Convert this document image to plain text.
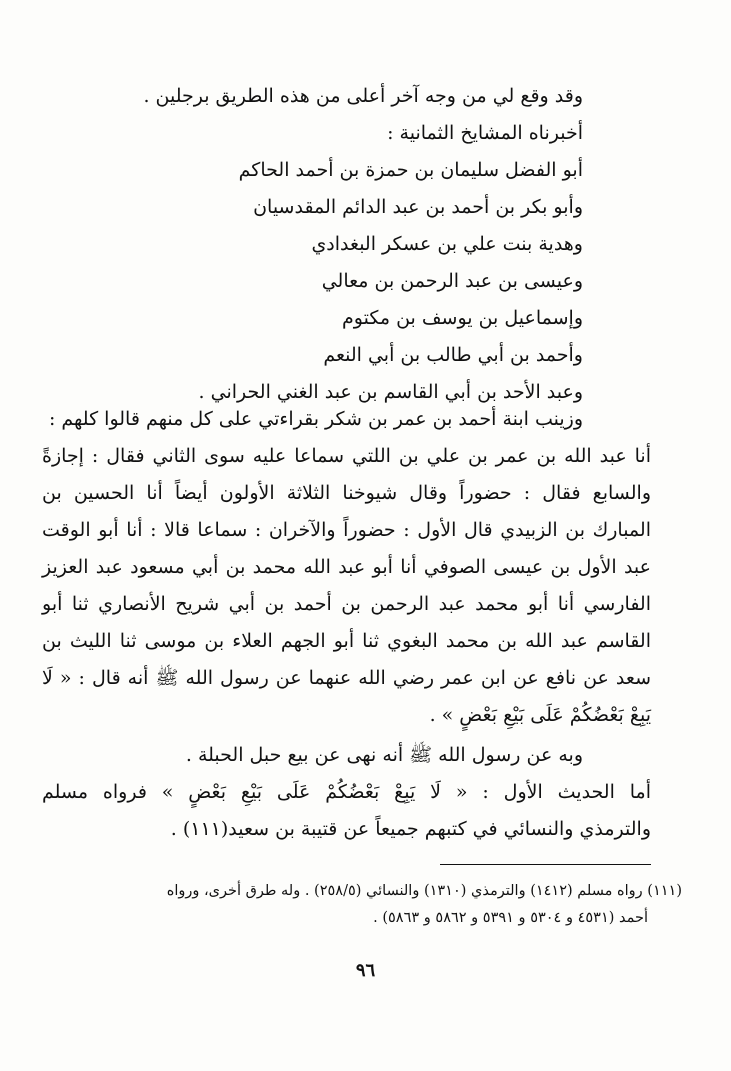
وقد وقع لي من وجه آخر أعلى من هذه الطريق برجلين .
أخبرناه المشايخ الثمانية :
أبو الفضل سليمان بن حمزة بن أحمد الحاكم
وأبو بكر بن أحمد بن عبد الدائم المقدسيان
وهدية بنت علي بن عسكر البغدادي
وعيسى بن عبد الرحمن بن معالي
وإسماعيل بن يوسف بن مكتوم
وأحمد بن أبي طالب بن أبي النعم
وعبد الأحد بن أبي القاسم بن عبد الغني الحراني .
وزينب ابنة أحمد بن عمر بن شكر بقراءتي على كل منهم قالوا كلهم :
أنا عبد الله بن عمر بن علي بن اللتي سماعا عليه سوى الثاني فقال : إجازةً
والسابع فقال : حضوراً وقال شيوخنا الثلاثة الأولون أيضاً أنا الحسين بن
المبارك بن الزبيدي قال الأول : حضوراً والآخران : سماعا قالا : أنا أبو الوقت
عبد الأول بن عيسى الصوفي أنا أبو عبد الله محمد بن أبي مسعود عبد العزيز
الفارسي أنا أبو محمد عبد الرحمن بن أحمد بن أبي شريح الأنصاري ثنا أبو
القاسم عبد الله بن محمد البغوي ثنا أبو الجهم العلاء بن موسى ثنا الليث بن
سعد عن نافع عن ابن عمر رضي الله عنهما عن رسول الله ﷺ أنه قال : « لَا
يَبِعْ بَعْضُكُمْ عَلَى بَيْعِ بَعْضٍ » .
وبه عن رسول الله ﷺ أنه نهى عن بيع حبل الحبلة .
أما الحديث الأول : « لَا يَبِعْ بَعْضُكُمْ عَلَى بَيْعِ بَعْضٍ » فرواه مسلم
والترمذي والنسائي في كتبهم جميعاً عن قتيبة بن سعيد(١١١) .
(١١١) رواه مسلم (١٤١٢) والترمذي (١٣١٠) والنسائي (٢٥٨/٥) . وله طرق أخرى، ورواه
أحمد (٤٥٣١ و ٥٣٠٤ و ٥٣٩١ و ٥٨٦٢ و ٥٨٦٣) .
٩٦
